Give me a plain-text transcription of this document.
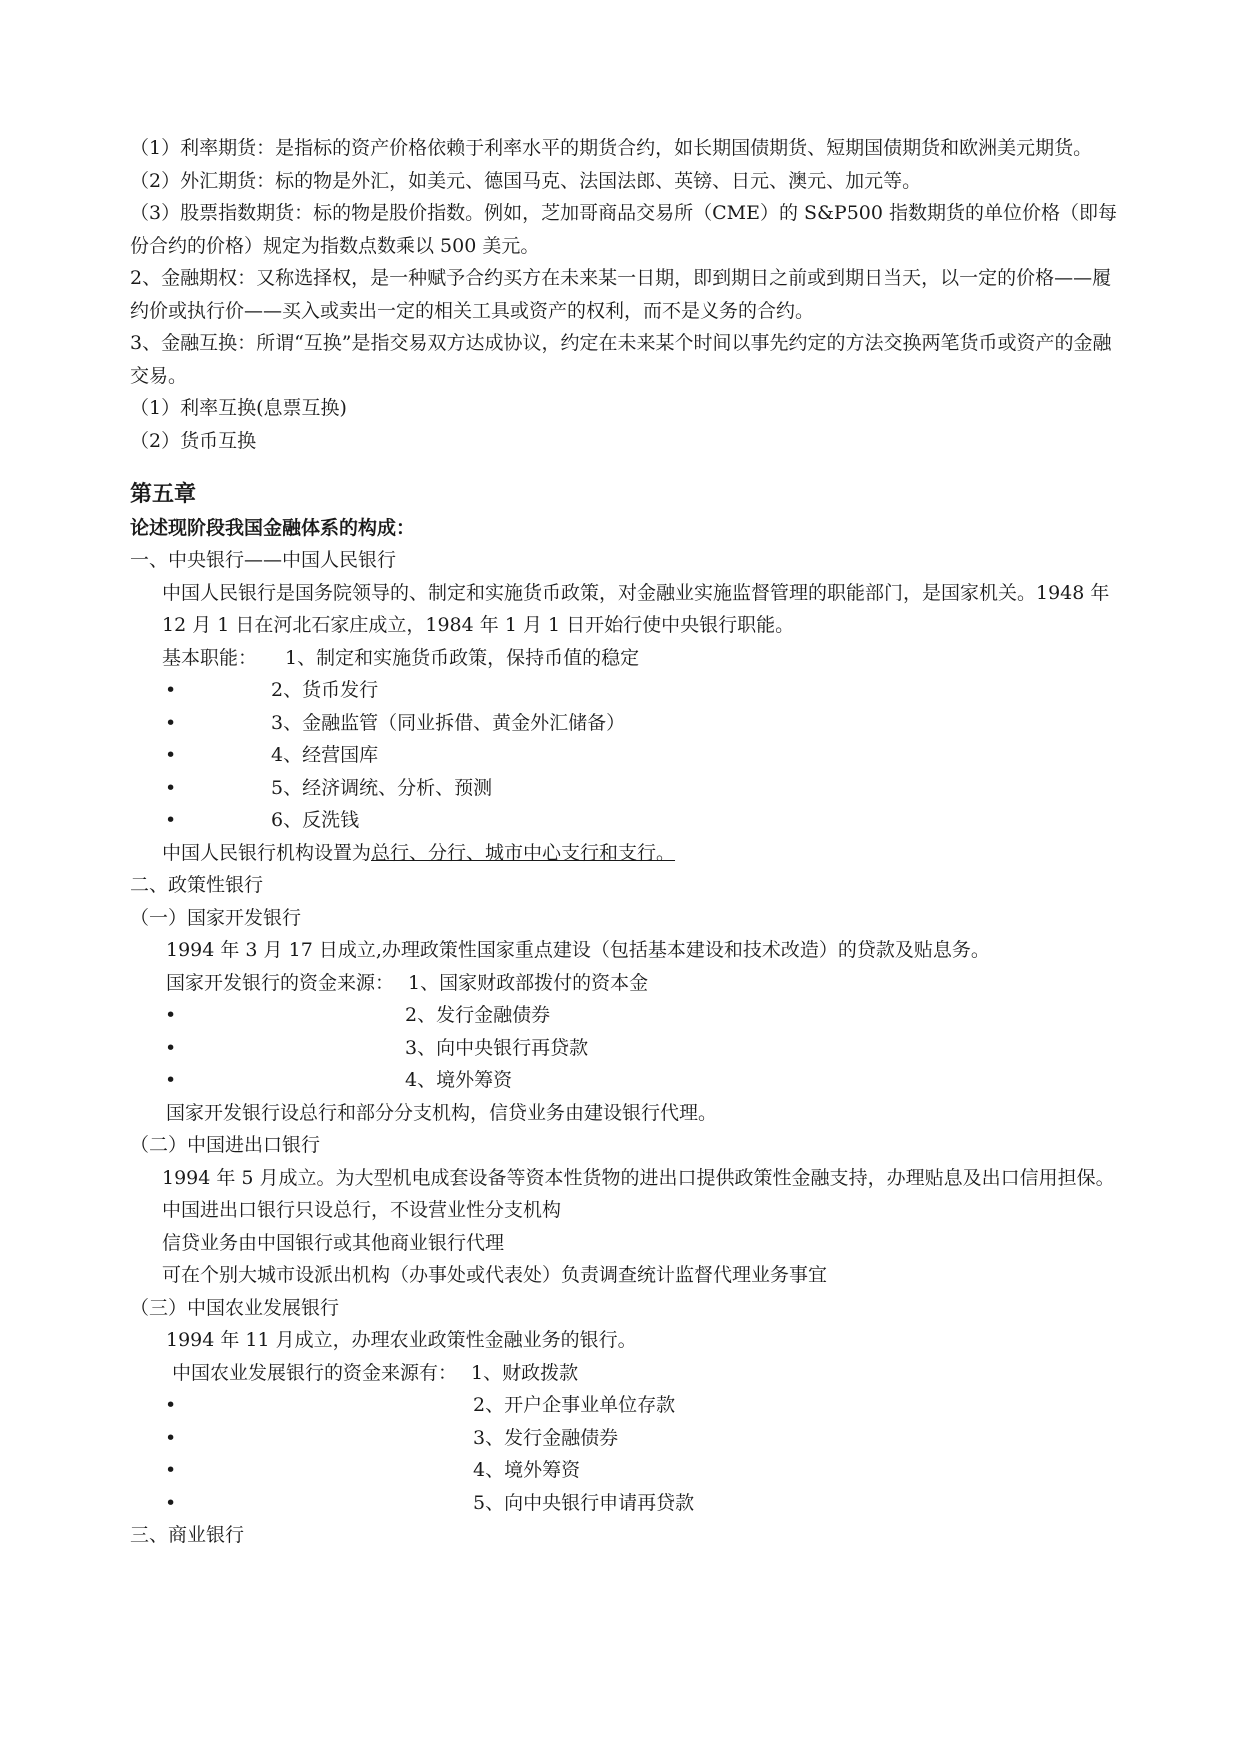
（1）利率期货：是指标的资产价格依赖于利率水平的期货合约，如长期国债期货、短期国债期货和欧洲美元期货。

（2）外汇期货：标的物是外汇，如美元、德国马克、法国法郎、英镑、日元、澳元、加元等。

（3）股票指数期货：标的物是股价指数。例如，芝加哥商品交易所（CME）的 S&P500 指数期货的单位价格（即每份合约的价格）规定为指数点数乘以 500 美元。

2、金融期权：又称选择权，是一种赋予合约买方在未来某一日期，即到期日之前或到期日当天，以一定的价格——履约价或执行价——买入或卖出一定的相关工具或资产的权利，而不是义务的合约。

3、金融互换：所谓“互换”是指交易双方达成协议，约定在未来某个时间以事先约定的方法交换两笔货币或资产的金融交易。

（1）利率互换(息票互换)

（2）货币互换

第五章

论述现阶段我国金融体系的构成：

一、中央银行——中国人民银行

中国人民银行是国务院领导的、制定和实施货币政策，对金融业实施监督管理的职能部门，是国家机关。1948 年 12 月 1 日在河北石家庄成立，1984 年 1 月 1 日开始行使中央银行职能。

基本职能： 1、制定和实施货币政策，保持币值的稳定

•	2、货币发行
•	3、金融监管（同业拆借、黄金外汇储备）
•	4、经营国库
•	5、经济调统、分析、预测
•	6、反洗钱

中国人民银行机构设置为总行、分行、城市中心支行和支行。

二、政策性银行

（一）国家开发银行

1994 年 3 月 17 日成立,办理政策性国家重点建设（包括基本建设和技术改造）的贷款及贴息务。

国家开发银行的资金来源： 1、国家财政部拨付的资本金

•	2、发行金融债券
•	3、向中央银行再贷款
•	4、境外筹资

国家开发银行设总行和部分分支机构，信贷业务由建设银行代理。

（二）中国进出口银行

1994 年 5 月成立。为大型机电成套设备等资本性货物的进出口提供政策性金融支持，办理贴息及出口信用担保。

中国进出口银行只设总行，不设营业性分支机构

信贷业务由中国银行或其他商业银行代理

可在个别大城市设派出机构（办事处或代表处）负责调查统计监督代理业务事宜

（三）中国农业发展银行

1994 年 11 月成立，办理农业政策性金融业务的银行。

中国农业发展银行的资金来源有： 1、财政拨款

•	2、开户企事业单位存款
•	3、发行金融债券
•	4、境外筹资
•	5、向中央银行申请再贷款

三、商业银行
